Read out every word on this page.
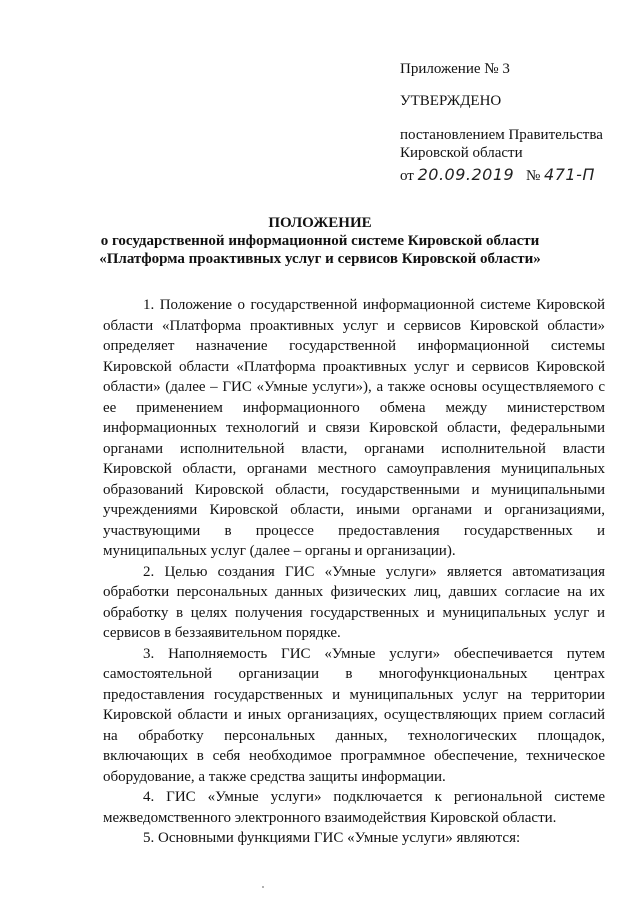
Приложение № 3
УТВЕРЖДЕНО
постановлением Правительства
Кировской области
от 20.09.2019 № 471-П
ПОЛОЖЕНИЕ
о государственной информационной системе Кировской области
«Платформа проактивных услуг и сервисов Кировской области»

1. Положение о государственной информационной системе Кировской области «Платформа проактивных услуг и сервисов Кировской области» определяет назначение государственной информационной системы Кировской области «Платформа проактивных услуг и сервисов Кировской области» (далее – ГИС «Умные услуги»), а также основы осуществляемого с ее применением информационного обмена между министерством информационных технологий и связи Кировской области, федеральными органами исполнительной власти, органами исполнительной власти Кировской области, органами местного самоуправления муниципальных образований Кировской области, государственными и муниципальными учреждениями Кировской области, иными органами и организациями, участвующими в процессе предоставления государственных и муниципальных услуг (далее – органы и организации).

2. Целью создания ГИС «Умные услуги» является автоматизация обработки персональных данных физических лиц, давших согласие на их обработку в целях получения государственных и муниципальных услуг и сервисов в беззаявительном порядке.

3. Наполняемость ГИС «Умные услуги» обеспечивается путем самостоятельной организации в многофункциональных центрах предоставления государственных и муниципальных услуг на территории Кировской области и иных организациях, осуществляющих прием согласий на обработку персональных данных, технологических площадок, включающих в себя необходимое программное обеспечение, техническое оборудование, а также средства защиты информации.

4. ГИС «Умные услуги» подключается к региональной системе межведомственного электронного взаимодействия Кировской области.

5. Основными функциями ГИС «Умные услуги» являются:
